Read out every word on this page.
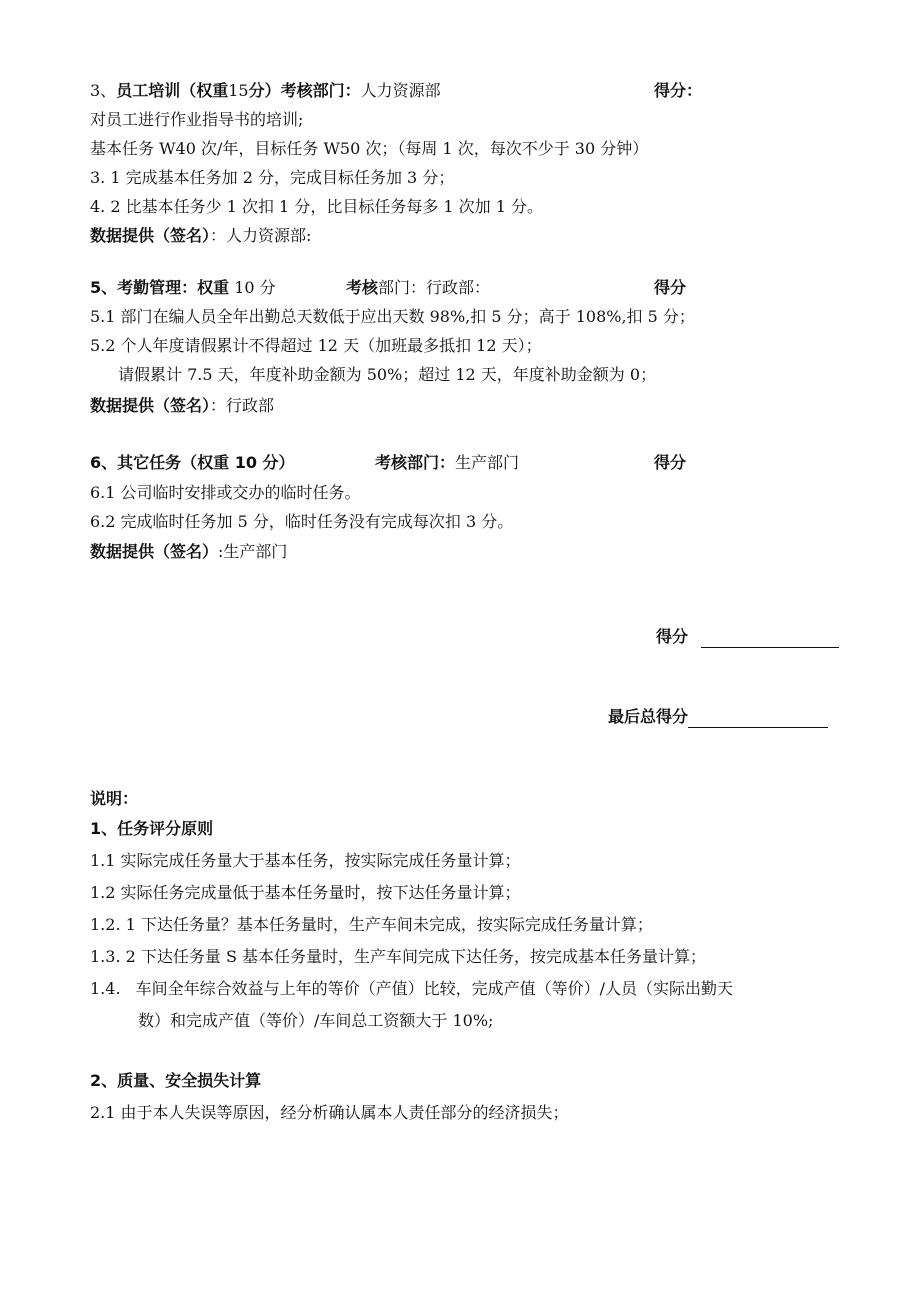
3、员工培训（权重15分）考核部门：人力资源部	得分：
对员工进行作业指导书的培训;
基本任务 W40 次/年，目标任务 W50 次；（每周 1 次，每次不少于 30 分钟）
3. 1 完成基本任务加 2 分，完成目标任务加 3 分；
4. 2 比基本任务少 1 次扣 1 分，比目标任务每多 1 次加 1 分。
数据提供（签名）：人力资源部:
5、考勤管理：权重 10 分	考核部门：行政部：	得分
5.1 部门在编人员全年出勤总天数低于应出天数 98%,扣 5 分；高于 108%,扣 5 分；
5.2 个人年度请假累计不得超过 12 天（加班最多抵扣 12 天）；
请假累计 7.5 天，年度补助金额为 50%；超过 12 天，年度补助金额为 0；
数据提供（签名）：行政部
6、其它任务（权重 10 分）	考核部门：生产部门	得分
6.1 公司临时安排或交办的临时任务。
6.2 完成临时任务加 5 分，临时任务没有完成每次扣 3 分。
数据提供（签名）:生产部门
得分
最后总得分
说明：
1、任务评分原则
1.1 实际完成任务量大于基本任务，按实际完成任务量计算；
1.2 实际任务完成量低于基本任务量时，按下达任务量计算；
1.2. 1 下达任务量？基本任务量时，生产车间未完成，按实际完成任务量计算；
1.3. 2 下达任务量 S 基本任务量时，生产车间完成下达任务，按完成基本任务量计算；
1.4. 车间全年综合效益与上年的等价（产值）比较，完成产值（等价）/人员（实际出勤天
数）和完成产值（等价）/车间总工资额大于 10%;
2、质量、安全损失计算
2.1 由于本人失误等原因，经分析确认属本人责任部分的经济损失；
